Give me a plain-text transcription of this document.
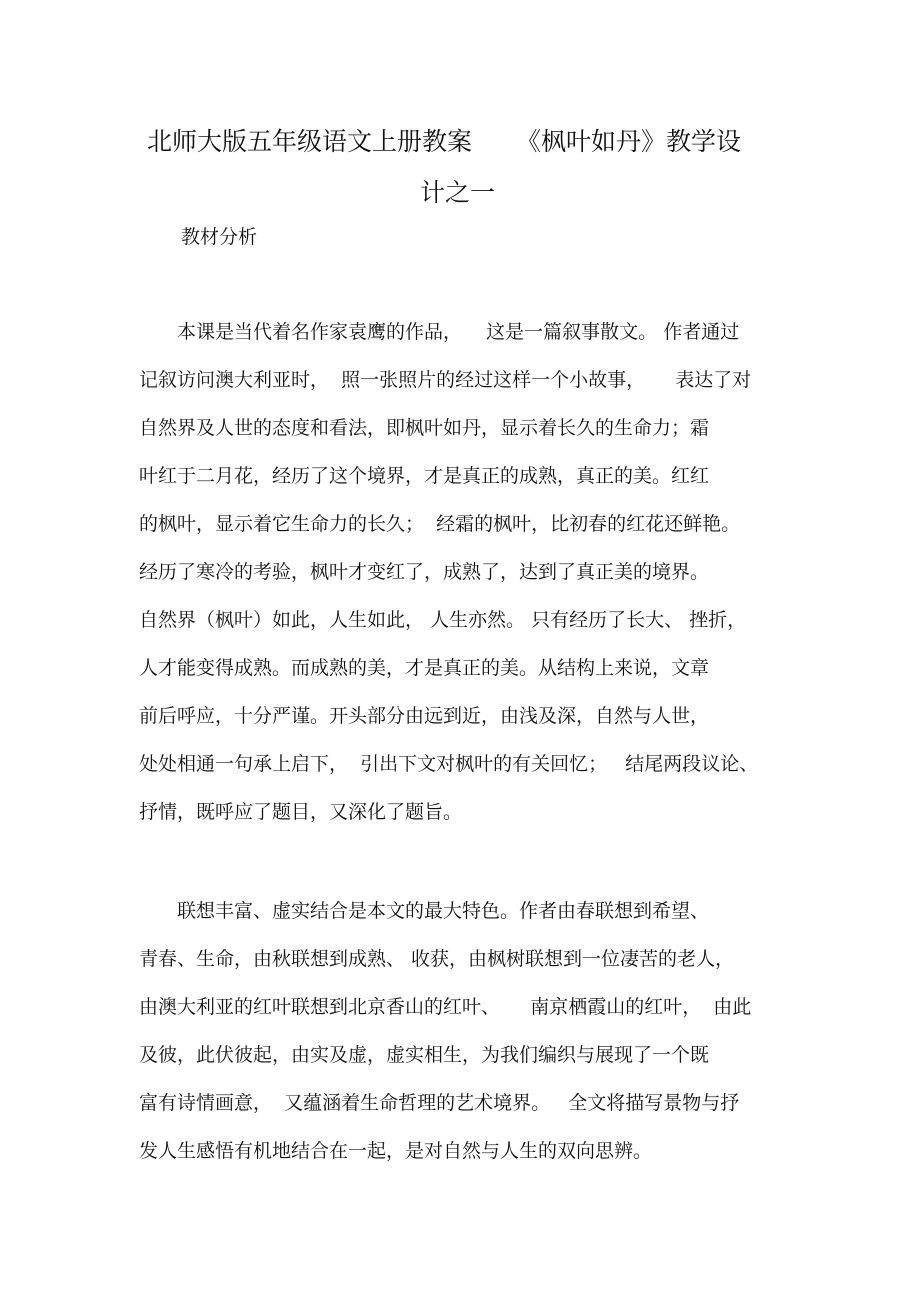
北师大版五年级语文上册教案 《枫叶如丹》教学设
计之一
教材分析
　　本课是当代着名作家袁鹰的作品，    这是一篇叙事散文。 作者通过
记叙访问澳大利亚时，  照一张照片的经过这样一个小故事，     表达了对
自然界及人世的态度和看法，即枫叶如丹，显示着长久的生命力；霜
叶红于二月花，经历了这个境界，才是真正的成熟，真正的美。红红
的枫叶，显示着它生命力的长久；  经霜的枫叶，比初春的红花还鲜艳。
经历了寒冷的考验，枫叶才变红了，成熟了，达到了真正美的境界。
自然界（枫叶）如此，人生如此， 人生亦然。 只有经历了长大、 挫折，
人才能变得成熟。而成熟的美，才是真正的美。从结构上来说，文章
前后呼应，十分严谨。开头部分由远到近，由浅及深，自然与人世，
处处相通一句承上启下，  引出下文对枫叶的有关回忆；   结尾两段议论、
抒情，既呼应了题目，又深化了题旨。
　　联想丰富、虚实结合是本文的最大特色。作者由春联想到希望、
青春、生命，由秋联想到成熟、 收获，由枫树联想到一位凄苦的老人，
由澳大利亚的红叶联想到北京香山的红叶、     南京栖霞山的红叶，  由此
及彼，此伏彼起，由实及虚，虚实相生，为我们编织与展现了一个既
富有诗情画意，  又蕴涵着生命哲理的艺术境界。   全文将描写景物与抒
发人生感悟有机地结合在一起，是对自然与人生的双向思辨。
